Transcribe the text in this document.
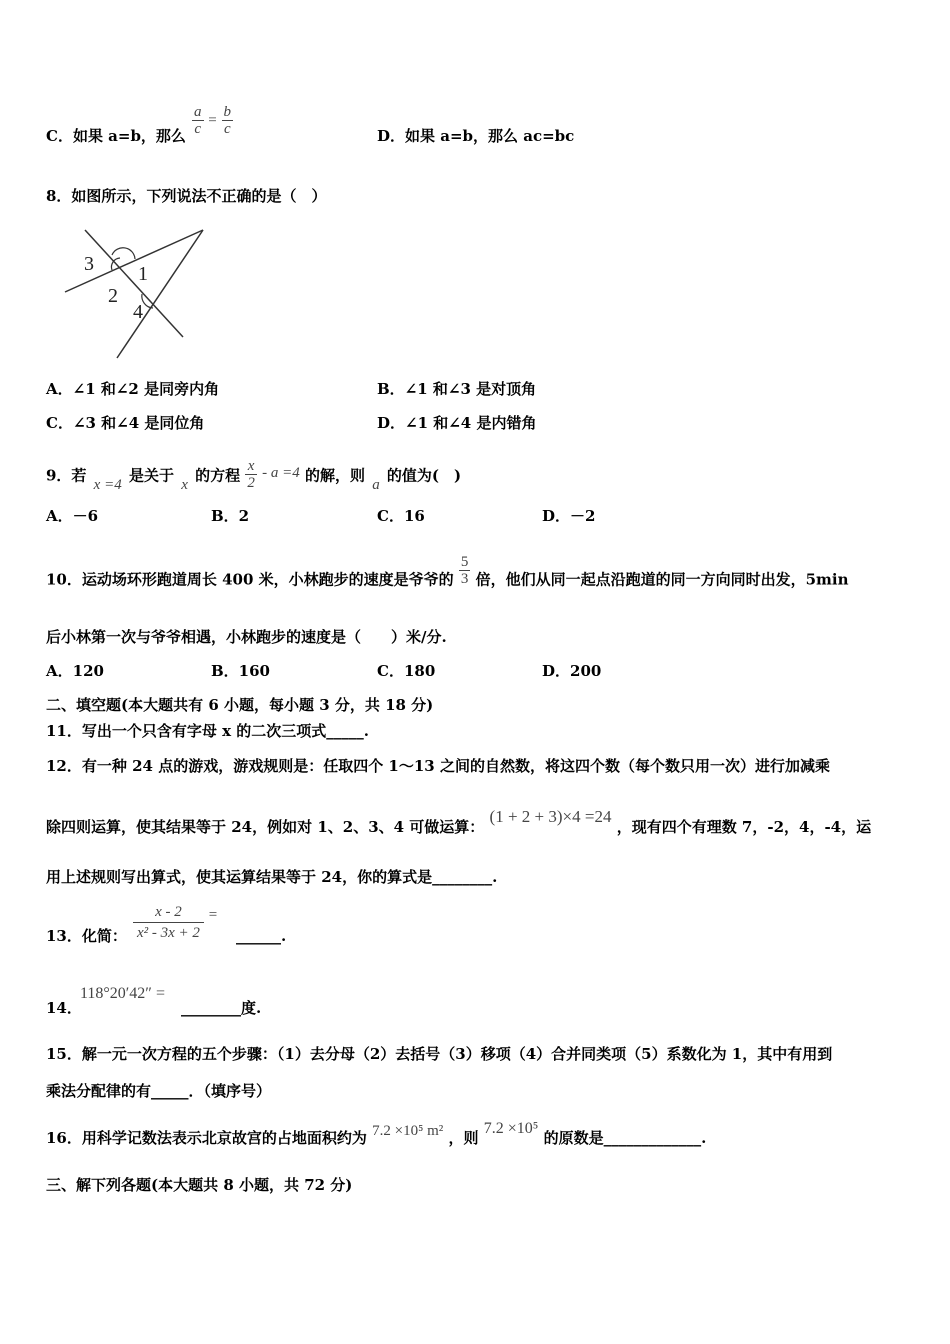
C．如果 a=b，那么 $\frac{a}{c} = \frac{b}{c}$	D．如果 a=b，那么 ac=bc
8．如图所示，下列说法不正确的是（　）
3 1
2
4
A．∠1 和∠2 是同旁内角	B．∠1 和∠3 是对顶角
C．∠3 和∠4 是同位角	D．∠1 和∠4 是内错角
9．若 x =4 是关于 x 的方程 $\frac{x}{2} - a =4$ 的解，则 a 的值为(　)
A．－6	B．2	C．16	D．－2
10．运动场环形跑道周长 400 米，小林跑步的速度是爷爷的 $\frac{5}{3}$ 倍，他们从同一起点沿跑道的同一方向同时出发，5min
后小林第一次与爷爷相遇，小林跑步的速度是（　　）米/分.
A．120	B．160	C．180	D．200
二、填空题(本大题共有 6 小题，每小题 3 分，共 18 分)
11．写出一个只含有字母 x 的二次三项式_____.
12．有一种 24 点的游戏，游戏规则是：任取四个 1～13 之间的自然数，将这四个数（每个数只用一次）进行加减乘
除四则运算，使其结果等于 24，例如对 1、2、3、4 可做运算： (1 + 2 + 3)×4 =24 ，现有四个有理数 7，-2，4，-4，运
用上述规则写出算式，使其运算结果等于 24，你的算式是________.
13．化简： $\frac{x - 2}{\text{x² - 3x + 2}}$ =
______.
14．
118°20′42″ =
________度.
15．解一元一次方程的五个步骤：（1）去分母（2）去括号（3）移项（4）合并同类项（5）系数化为 1，其中有用到
乘法分配律的有_____．（填序号）
16．用科学记数法表示北京故宫的占地面积约为 7.2 ×10⁵ m² ，则 7.2 ×10⁵ 的原数是_____________.
三、解下列各题(本大题共 8 小题，共 72 分)
